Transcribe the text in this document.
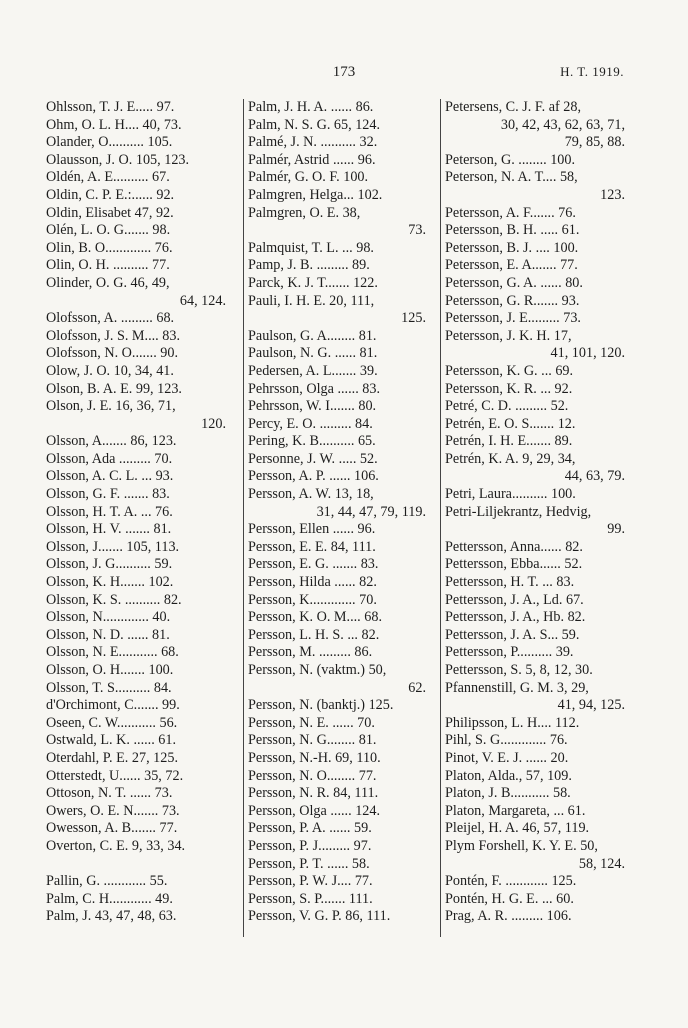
173	H. T. 1919.
Ohlsson, T. J. E..... 97.
Ohm, O. L. H.... 40, 73.
Olander, O.......... 105.
Olausson, J. O. 105, 123.
Oldén, A. E.......... 67.
Oldin, C. P. E.:...... 92.
Oldin, Elisabet 47, 92.
Olén, L. O. G....... 98.
Olin, B. O............. 76.
Olin, O. H. .......... 77.
Olinder, O. G. 46, 49,
64, 124.
Olofsson, A. ......... 68.
Olofsson, J. S. M.... 83.
Olofsson, N. O....... 90.
Olow, J. O. 10, 34, 41.
Olson, B. A. E. 99, 123.
Olson, J. E. 16, 36, 71,
120.
Olsson, A....... 86, 123.
Olsson, Ada ......... 70.
Olsson, A. C. L. ... 93.
Olsson, G. F. ....... 83.
Olsson, H. T. A. ... 76.
Olsson, H. V. ....... 81.
Olsson, J....... 105, 113.
Olsson, J. G.......... 59.
Olsson, K. H....... 102.
Olsson, K. S. .......... 82.
Olsson, N............. 40.
Olsson, N. D. ...... 81.
Olsson, N. E........... 68.
Olsson, O. H....... 100.
Olsson, T. S.......... 84.
d'Orchimont, C....... 99.
Oseen, C. W........... 56.
Ostwald, L. K. ...... 61.
Oterdahl, P. E. 27, 125.
Otterstedt, U...... 35, 72.
Ottoson, N. T. ...... 73.
Owers, O. E. N....... 73.
Owesson, A. B....... 77.
Overton, C. E. 9, 33, 34.
Pallin, G. ............ 55.
Palm, C. H............ 49.
Palm, J. 43, 47, 48, 63.
Palm, J. H. A. ...... 86.
Palm, N. S. G. 65, 124.
Palmé, J. N. .......... 32.
Palmér, Astrid ...... 96.
Palmér, G. O. F. 100.
Palmgren, Helga... 102.
Palmgren, O. E. 38,
73.
Palmquist, T. L. ... 98.
Pamp, J. B. ......... 89.
Parck, K. J. T....... 122.
Pauli, I. H. E. 20, 111,
125.
Paulson, G. A........ 81.
Paulson, N. G. ...... 81.
Pedersen, A. L....... 39.
Pehrsson, Olga ...... 83.
Pehrsson, W. I....... 80.
Percy, E. O. ......... 84.
Pering, K. B.......... 65.
Personne, J. W. ..... 52.
Persson, A. P. ...... 106.
Persson, A. W. 13, 18,
31, 44, 47, 79, 119.
Persson, Ellen ...... 96.
Persson, E. E. 84, 111.
Persson, E. G. ....... 83.
Persson, Hilda ...... 82.
Persson, K............. 70.
Persson, K. O. M.... 68.
Persson, L. H. S. ... 82.
Persson, M. ......... 86.
Persson, N. (vaktm.) 50,
62.
Persson, N. (banktj.) 125.
Persson, N. E. ...... 70.
Persson, N. G........ 81.
Persson, N.-H. 69, 110.
Persson, N. O........ 77.
Persson, N. R. 84, 111.
Persson, Olga ...... 124.
Persson, P. A. ...... 59.
Persson, P. J......... 97.
Persson, P. T. ...... 58.
Persson, P. W. J.... 77.
Persson, S. P....... 111.
Persson, V. G. P. 86, 111.
Petersens, C. J. F. af 28,
30, 42, 43, 62, 63, 71,
79, 85, 88.
Peterson, G. ........ 100.
Peterson, N. A. T.... 58,
123.
Petersson, A. F....... 76.
Petersson, B. H. ..... 61.
Petersson, B. J. .... 100.
Petersson, E. A....... 77.
Petersson, G. A. ...... 80.
Petersson, G. R....... 93.
Petersson, J. E......... 73.
Petersson, J. K. H. 17,
41, 101, 120.
Petersson, K. G. ... 69.
Petersson, K. R. ... 92.
Petré, C. D. ......... 52.
Petrén, E. O. S....... 12.
Petrén, I. H. E....... 89.
Petrén, K. A. 9, 29, 34,
44, 63, 79.
Petri, Laura.......... 100.
Petri-Liljekrantz, Hedvig,
99.
Pettersson, Anna...... 82.
Pettersson, Ebba...... 52.
Pettersson, H. T. ... 83.
Pettersson, J. A., Ld. 67.
Pettersson, J. A., Hb. 82.
Pettersson, J. A. S... 59.
Pettersson, P.......... 39.
Pettersson, S. 5, 8, 12, 30.
Pfannenstill, G. M. 3, 29,
41, 94, 125.
Philipsson, L. H.... 112.
Pihl, S. G............. 76.
Pinot, V. E. J. ...... 20.
Platon, Alda., 57, 109.
Platon, J. B........... 58.
Platon, Margareta, ... 61.
Pleijel, H. A. 46, 57, 119.
Plym Forshell, K. Y. E. 50,
58, 124.
Pontén, F. ............ 125.
Pontén, H. G. E. ... 60.
Prag, A. R. ......... 106.
